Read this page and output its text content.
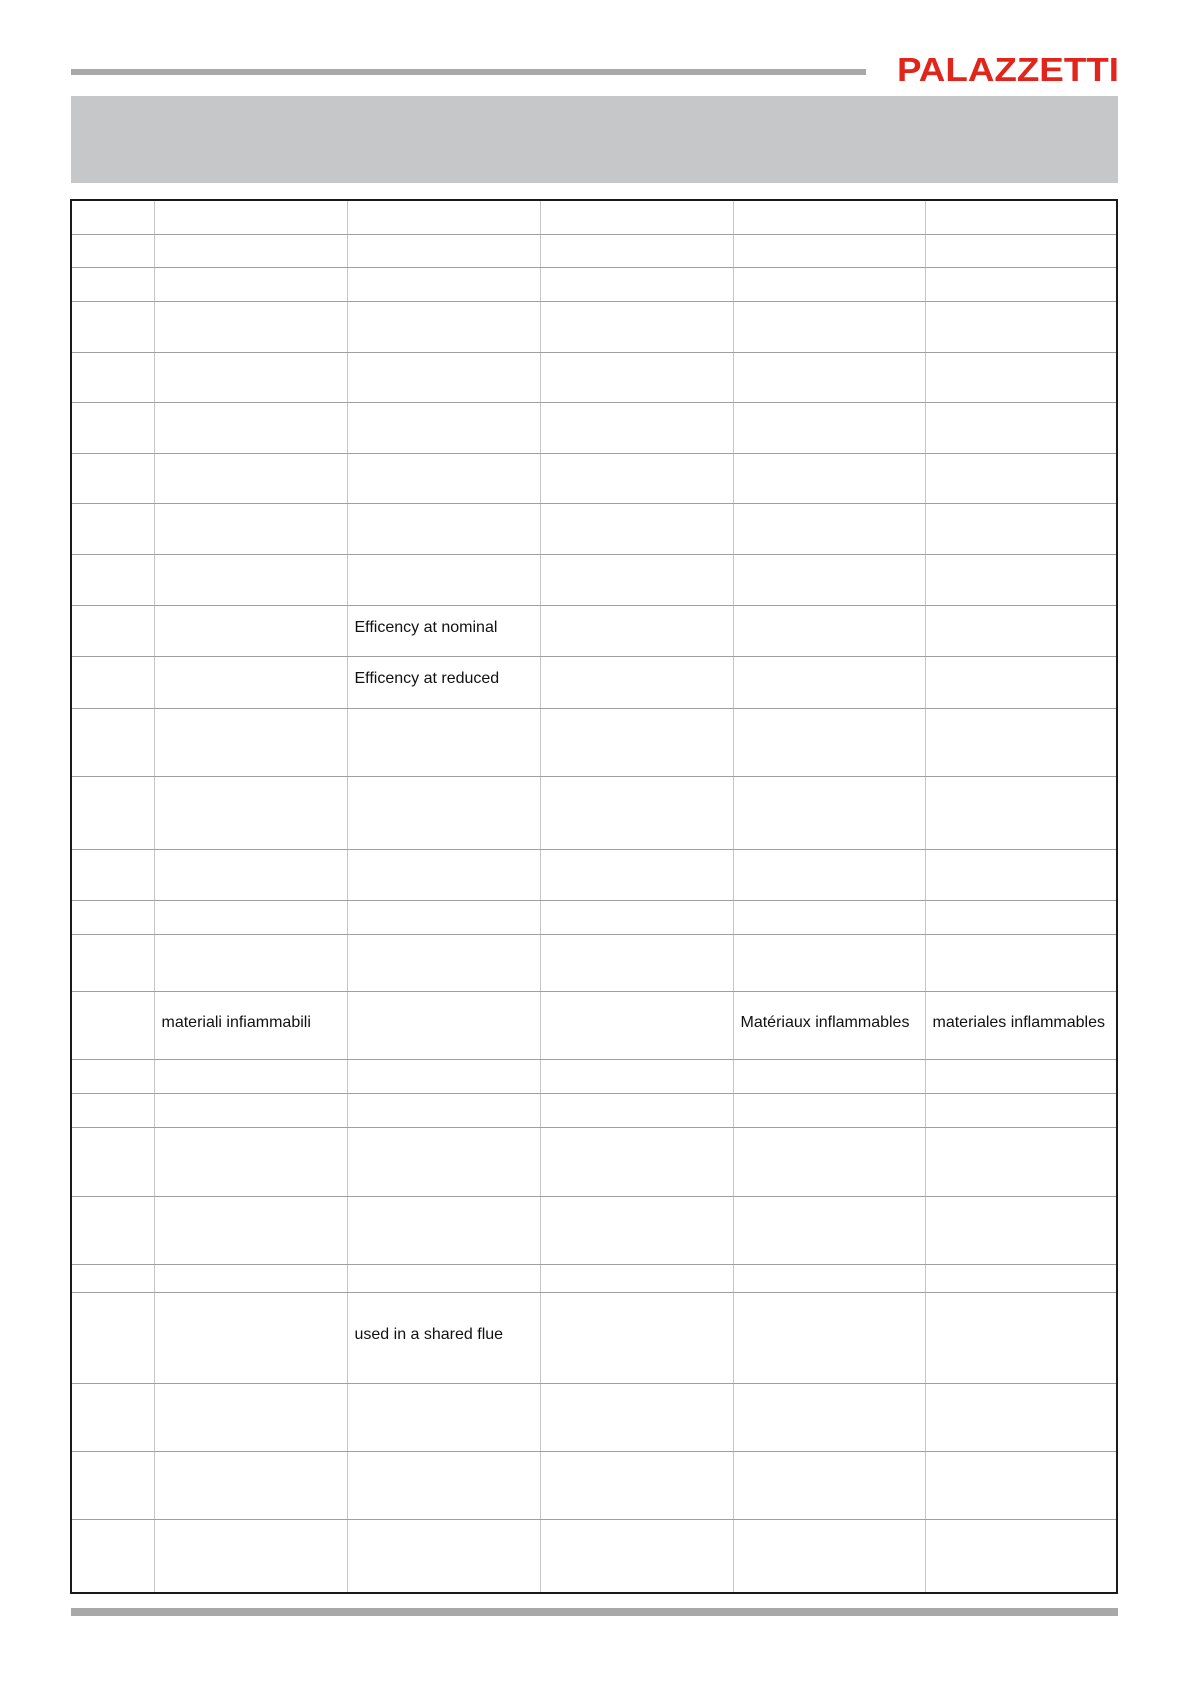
PALAZZETTI

		Efficency at nominal			

		Efficency at reduced			

	materiali infiammabili			Matériaux inflammables	materiales inflammables

		used in a shared flue			
